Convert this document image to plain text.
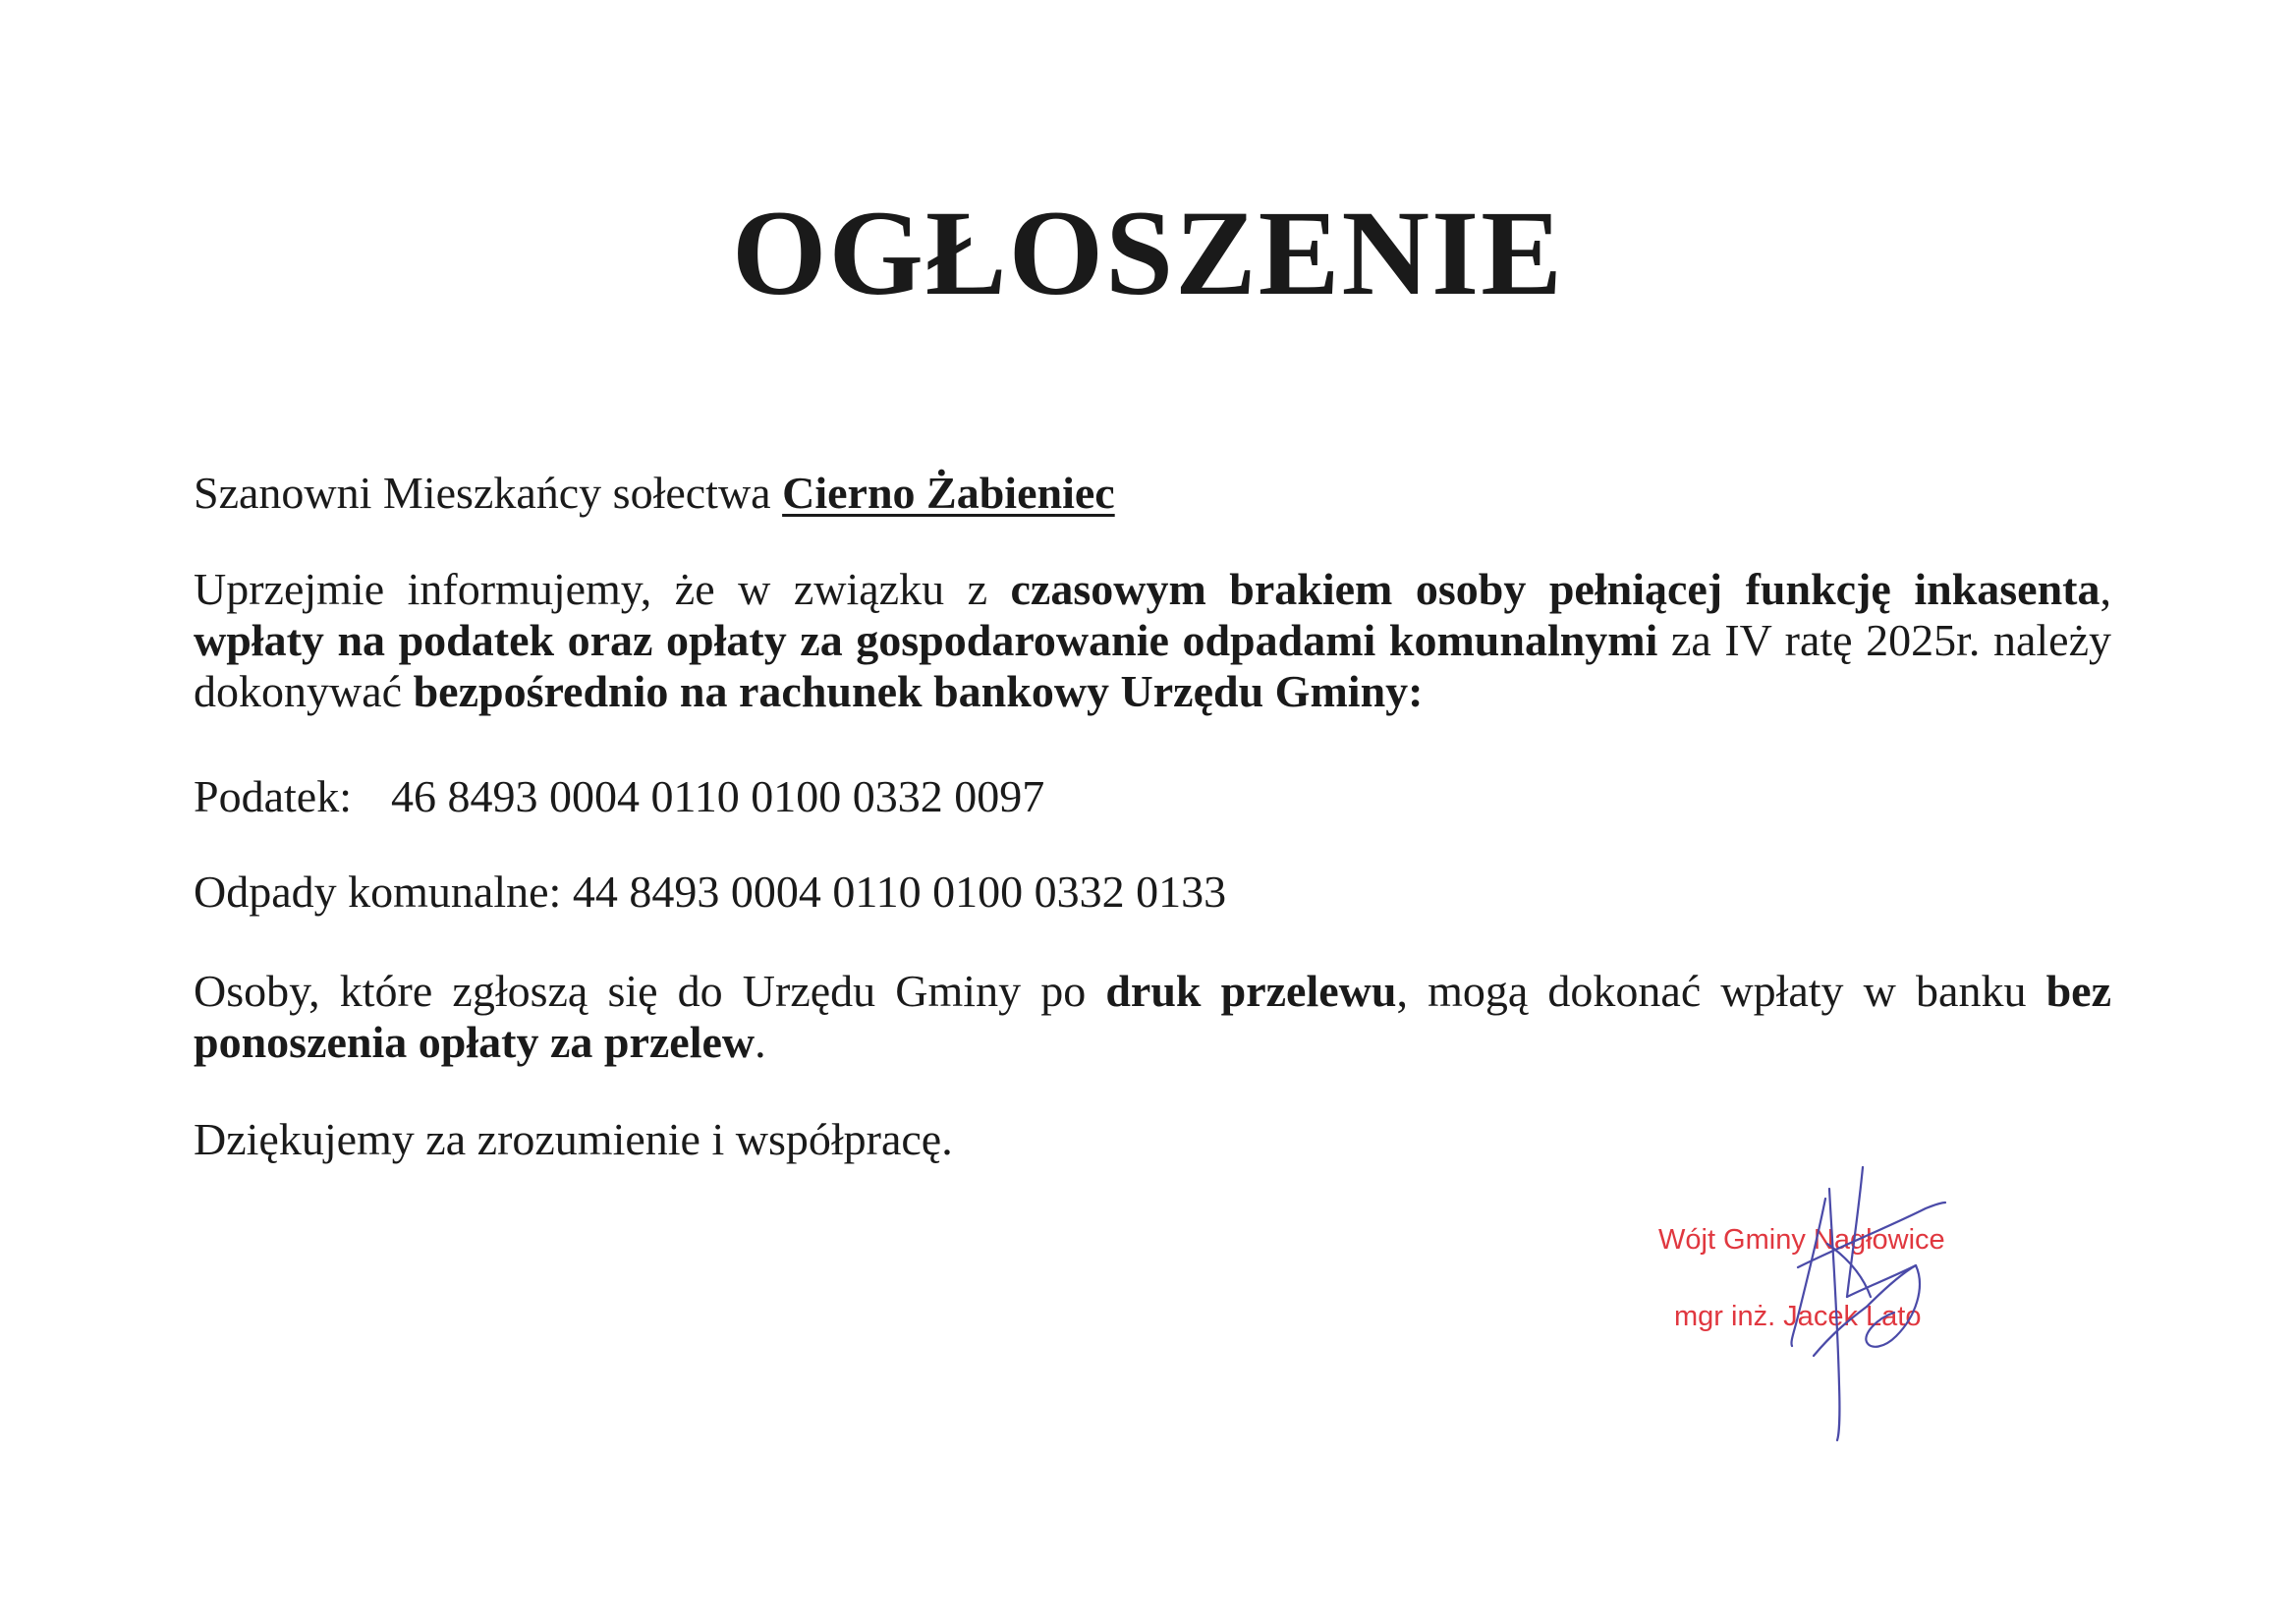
OGŁOSZENIE

Szanowni Mieszkańcy sołectwa Cierno Żabieniec

Uprzejmie informujemy, że w związku z czasowym brakiem osoby pełniącej funkcję inkasenta, wpłaty na podatek oraz opłaty za gospodarowanie odpadami komunalnymi za IV ratę 2025r. należy dokonywać bezpośrednio na rachunek bankowy Urzędu Gminy:

Podatek: 46 8493 0004 0110 0100 0332 0097

Odpady komunalne: 44 8493 0004 0110 0100 0332 0133

Osoby, które zgłoszą się do Urzędu Gminy po druk przelewu, mogą dokonać wpłaty w banku bez ponoszenia opłaty za przelew.

Dziękujemy za zrozumienie i współpracę.

Wójt Gminy Nagłowice
mgr inż. Jacek Lato
